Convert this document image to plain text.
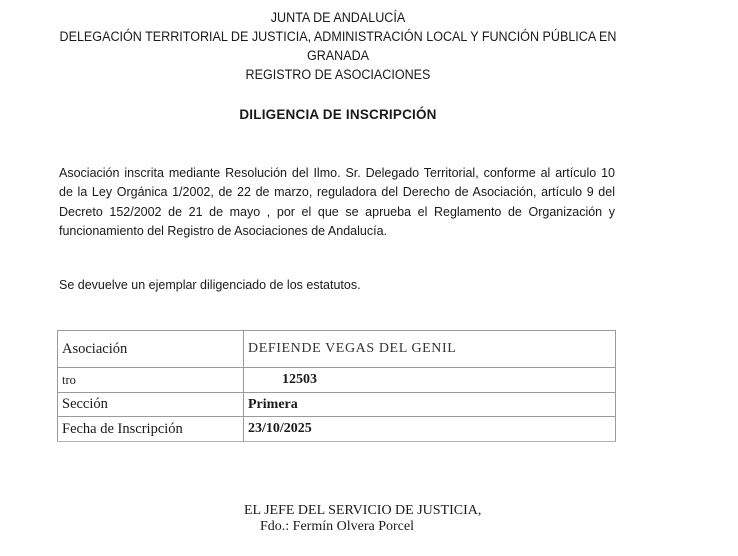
JUNTA DE ANDALUCÍA
DELEGACIÓN TERRITORIAL DE JUSTICIA, ADMINISTRACIÓN LOCAL Y FUNCIÓN PÚBLICA EN
GRANADA
REGISTRO DE ASOCIACIONES
DILIGENCIA DE INSCRIPCIÓN

Asociación inscrita mediante Resolución del Ilmo. Sr. Delegado Territorial, conforme al artículo 10 de la Ley Orgánica 1/2002, de 22 de marzo, reguladora del Derecho de Asociación, artículo 9 del Decreto 152/2002 de 21 de mayo , por el que se aprueba el Reglamento de Organización y funcionamiento del Registro de Asociaciones de Andalucía.

Se devuelve un ejemplar diligenciado de los estatutos.
Asociación	DEFIENDE VEGAS DEL GENIL
tro	12503
Sección	Primera
Fecha de Inscripción	23/10/2025
EL JEFE DEL SERVICIO DE JUSTICIA,
Fdo.: Fermín Olvera Porcel
